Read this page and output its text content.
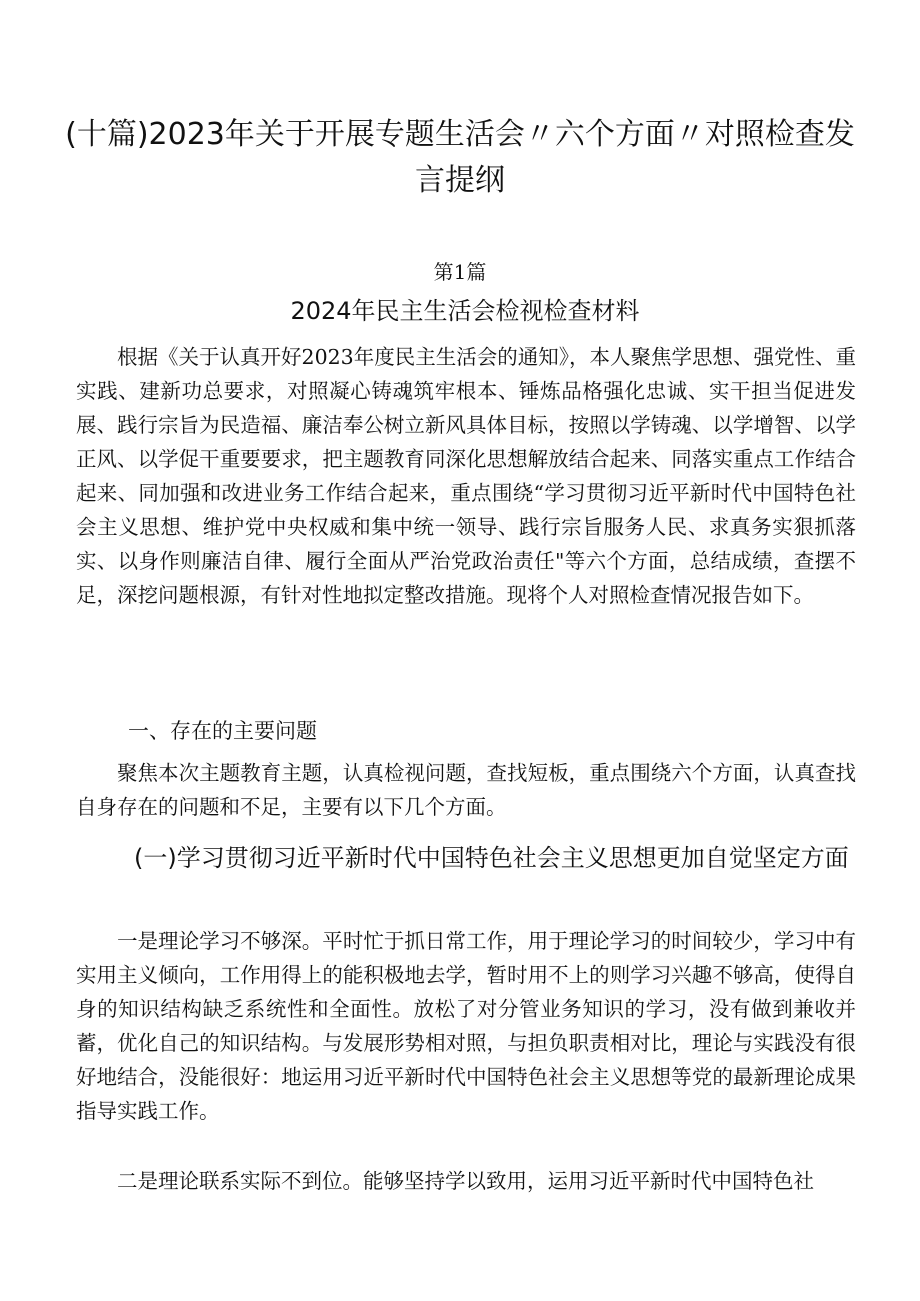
(十篇)2023年关于开展专题生活会〃六个方面〃对照检查发言提纲
第1篇
2024年民主生活会检视检查材料

根据《关于认真开好2023年度民主生活会的通知》，本人聚焦学思想、强党性、重实践、建新功总要求，对照凝心铸魂筑牢根本、锤炼品格强化忠诚、实干担当促进发展、践行宗旨为民造福、廉洁奉公树立新风具体目标，按照以学铸魂、以学增智、以学正风、以学促干重要要求，把主题教育同深化思想解放结合起来、同落实重点工作结合起来、同加强和改进业务工作结合起来，重点围绕“学习贯彻习近平新时代中国特色社会主义思想、维护党中央权威和集中统一领导、践行宗旨服务人民、求真务实狠抓落实、以身作则廉洁自律、履行全面从严治党政治责任"等六个方面，总结成绩，查摆不足，深挖问题根源，有针对性地拟定整改措施。现将个人对照检查情况报告如下。

一、存在的主要问题

聚焦本次主题教育主题，认真检视问题，查找短板，重点围绕六个方面，认真查找自身存在的问题和不足，主要有以下几个方面。

(一)学习贯彻习近平新时代中国特色社会主义思想更加自觉坚定方面

一是理论学习不够深。平时忙于抓日常工作，用于理论学习的时间较少，学习中有实用主义倾向，工作用得上的能积极地去学，暂时用不上的则学习兴趣不够高，使得自身的知识结构缺乏系统性和全面性。放松了对分管业务知识的学习，没有做到兼收并蓄，优化自己的知识结构。与发展形势相对照，与担负职责相对比，理论与实践没有很好地结合，没能很好：地运用习近平新时代中国特色社会主义思想等党的最新理论成果指导实践工作。

二是理论联系实际不到位。能够坚持学以致用，运用习近平新时代中国特色社
